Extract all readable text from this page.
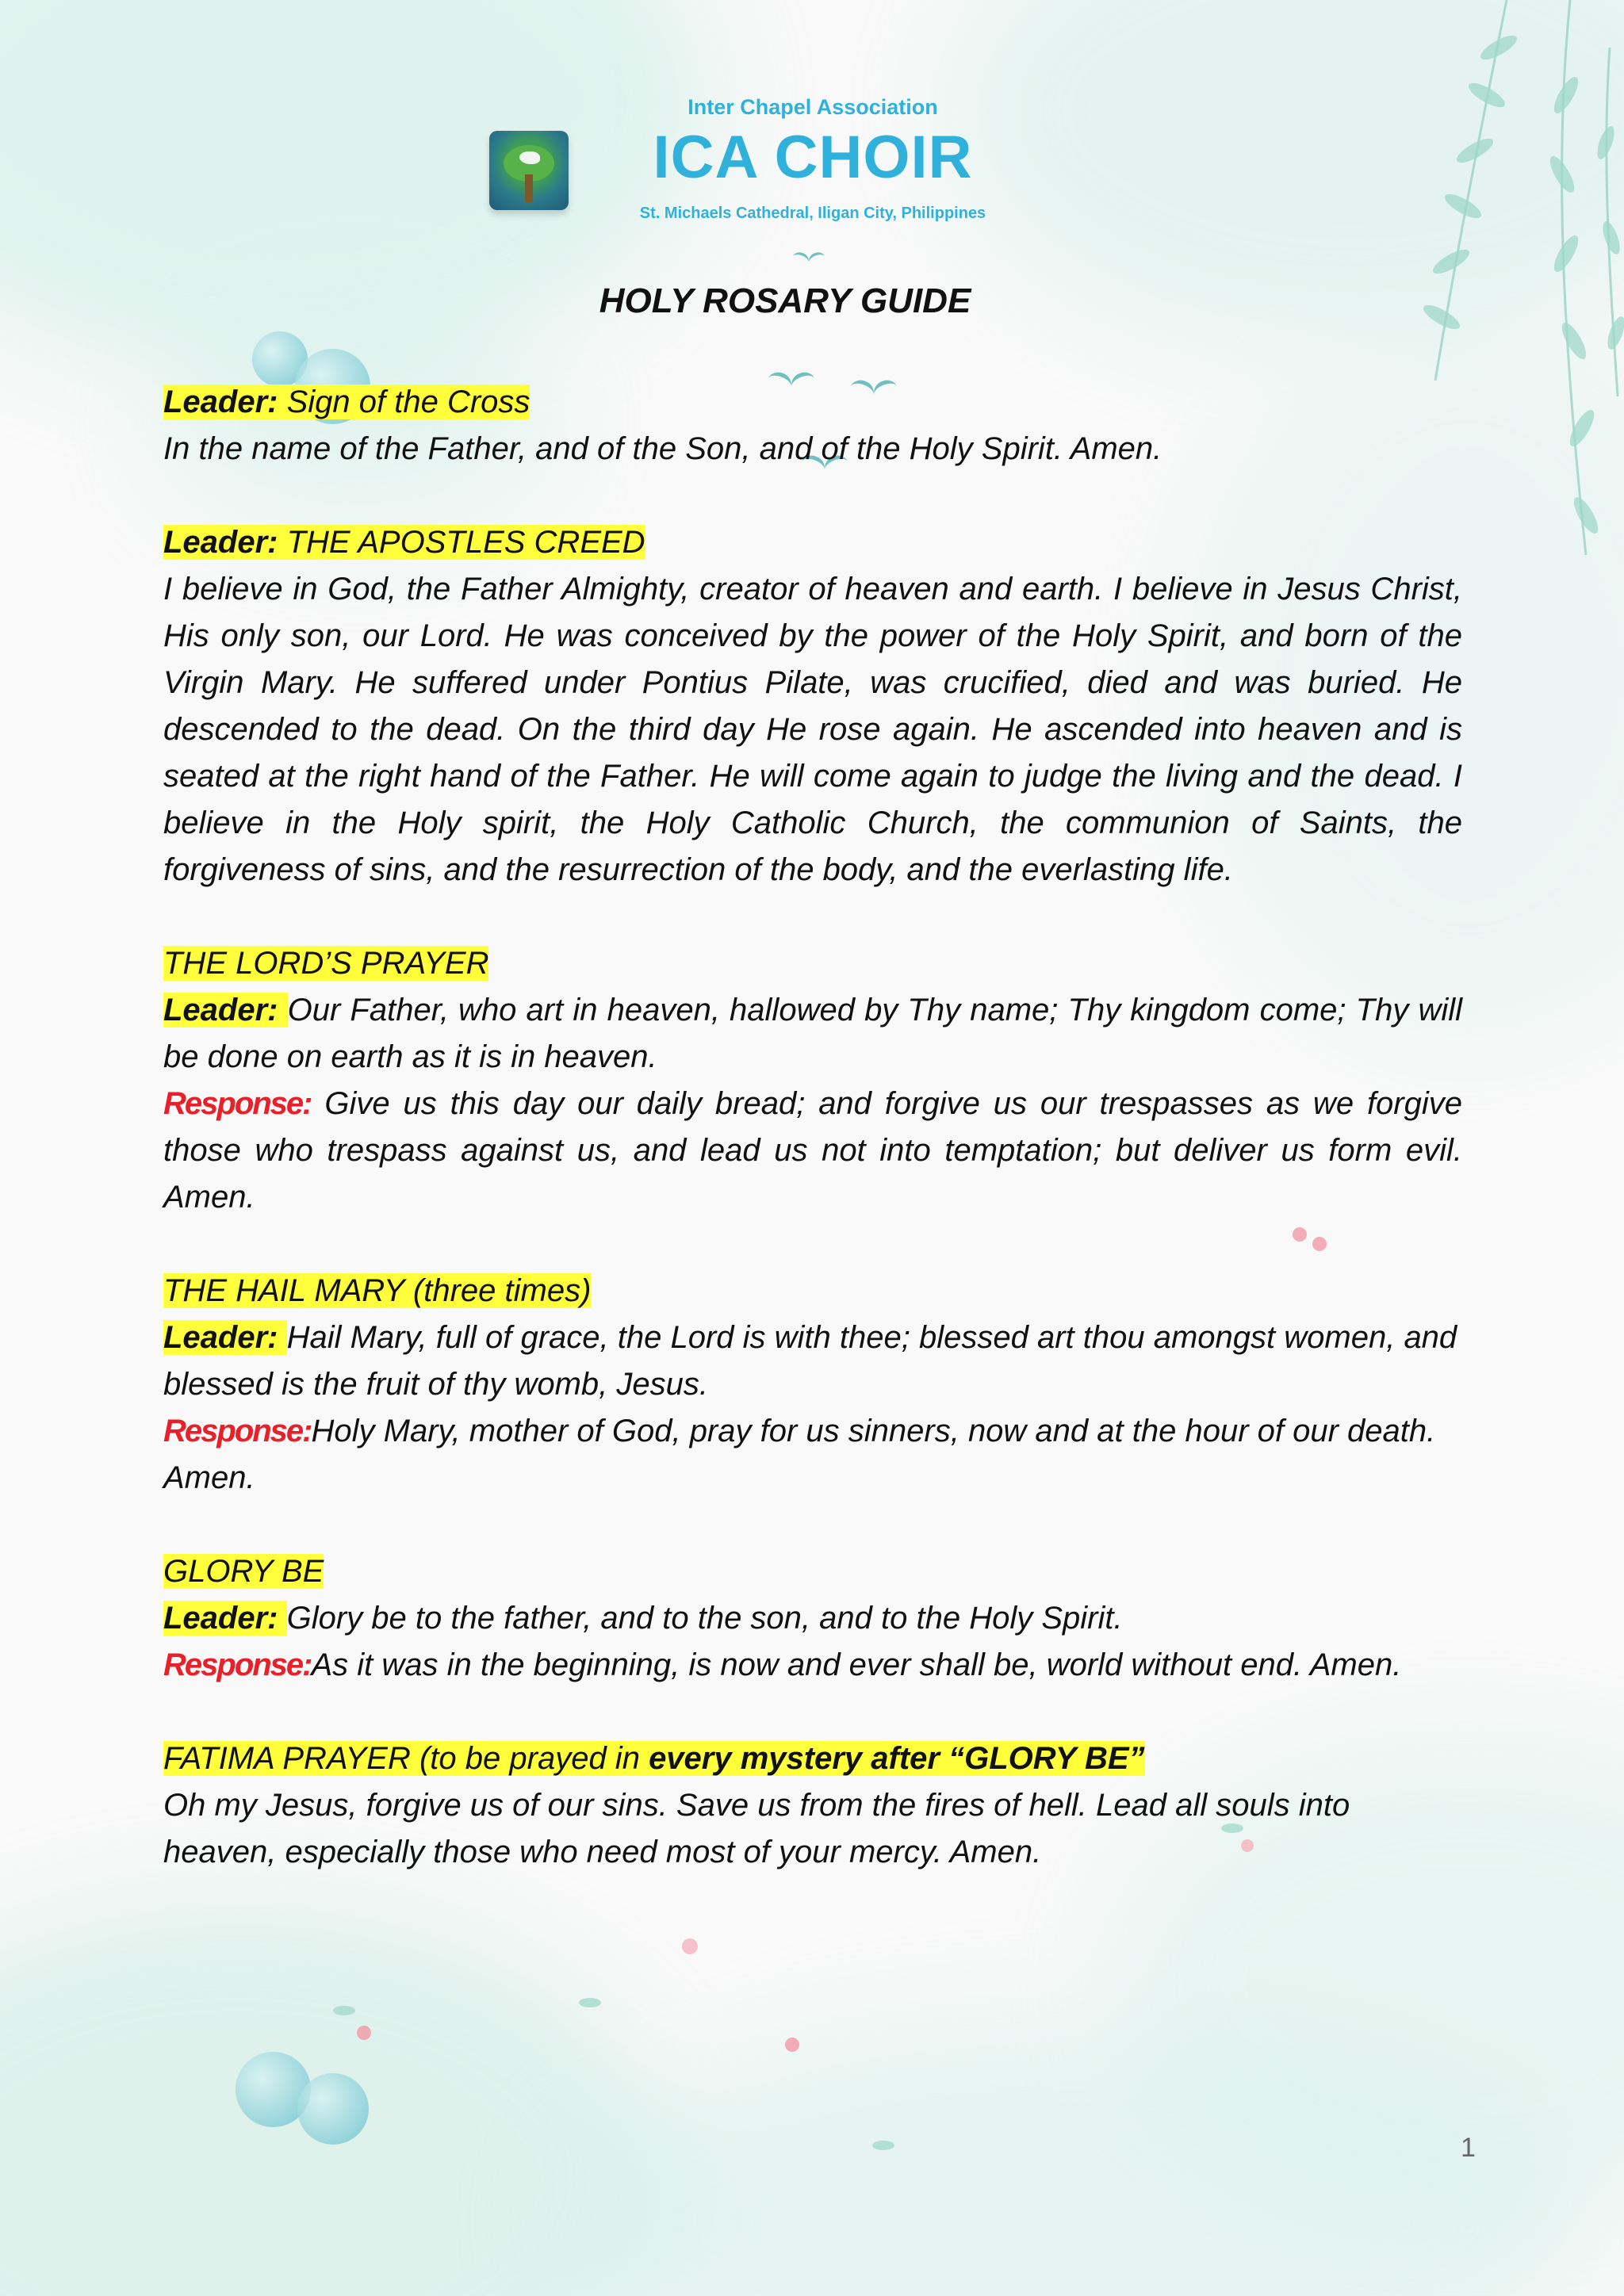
Inter Chapel Association
ICA CHOIR
St. Michaels Cathedral, Iligan City, Philippines
HOLY ROSARY GUIDE

Leader: Sign of the Cross

In the name of the Father, and of the Son, and of the Holy Spirit. Amen.

Leader: THE APOSTLES CREED

I believe in God, the Father Almighty, creator of heaven and earth. I believe in Jesus Christ, His only son, our Lord. He was conceived by the power of the Holy Spirit, and born of the Virgin Mary. He suffered under Pontius Pilate, was crucified, died and was buried. He descended to the dead. On the third day He rose again. He ascended into heaven and is seated at the right hand of the Father. He will come again to judge the living and the dead. I believe in the Holy spirit, the Holy Catholic Church, the communion of Saints, the forgiveness of sins, and the resurrection of the body, and the everlasting life.

THE LORD’S PRAYER

Leader: Our Father, who art in heaven, hallowed by Thy name; Thy kingdom come; Thy will be done on earth as it is in heaven.

Response: Give us this day our daily bread; and forgive us our trespasses as we forgive those who trespass against us, and lead us not into temptation; but deliver us form evil. Amen.

THE HAIL MARY (three times)

Leader: Hail Mary, full of grace, the Lord is with thee; blessed art thou amongst women, and blessed is the fruit of thy womb, Jesus.

Response:Holy Mary, mother of God, pray for us sinners, now and at the hour of our death. Amen.

GLORY BE

Leader: Glory be to the father, and to the son, and to the Holy Spirit.

Response:As it was in the beginning, is now and ever shall be, world without end. Amen.

FATIMA PRAYER (to be prayed in every mystery after “GLORY BE”

Oh my Jesus, forgive us of our sins. Save us from the fires of hell. Lead all souls into heaven, especially those who need most of your mercy. Amen.

1
